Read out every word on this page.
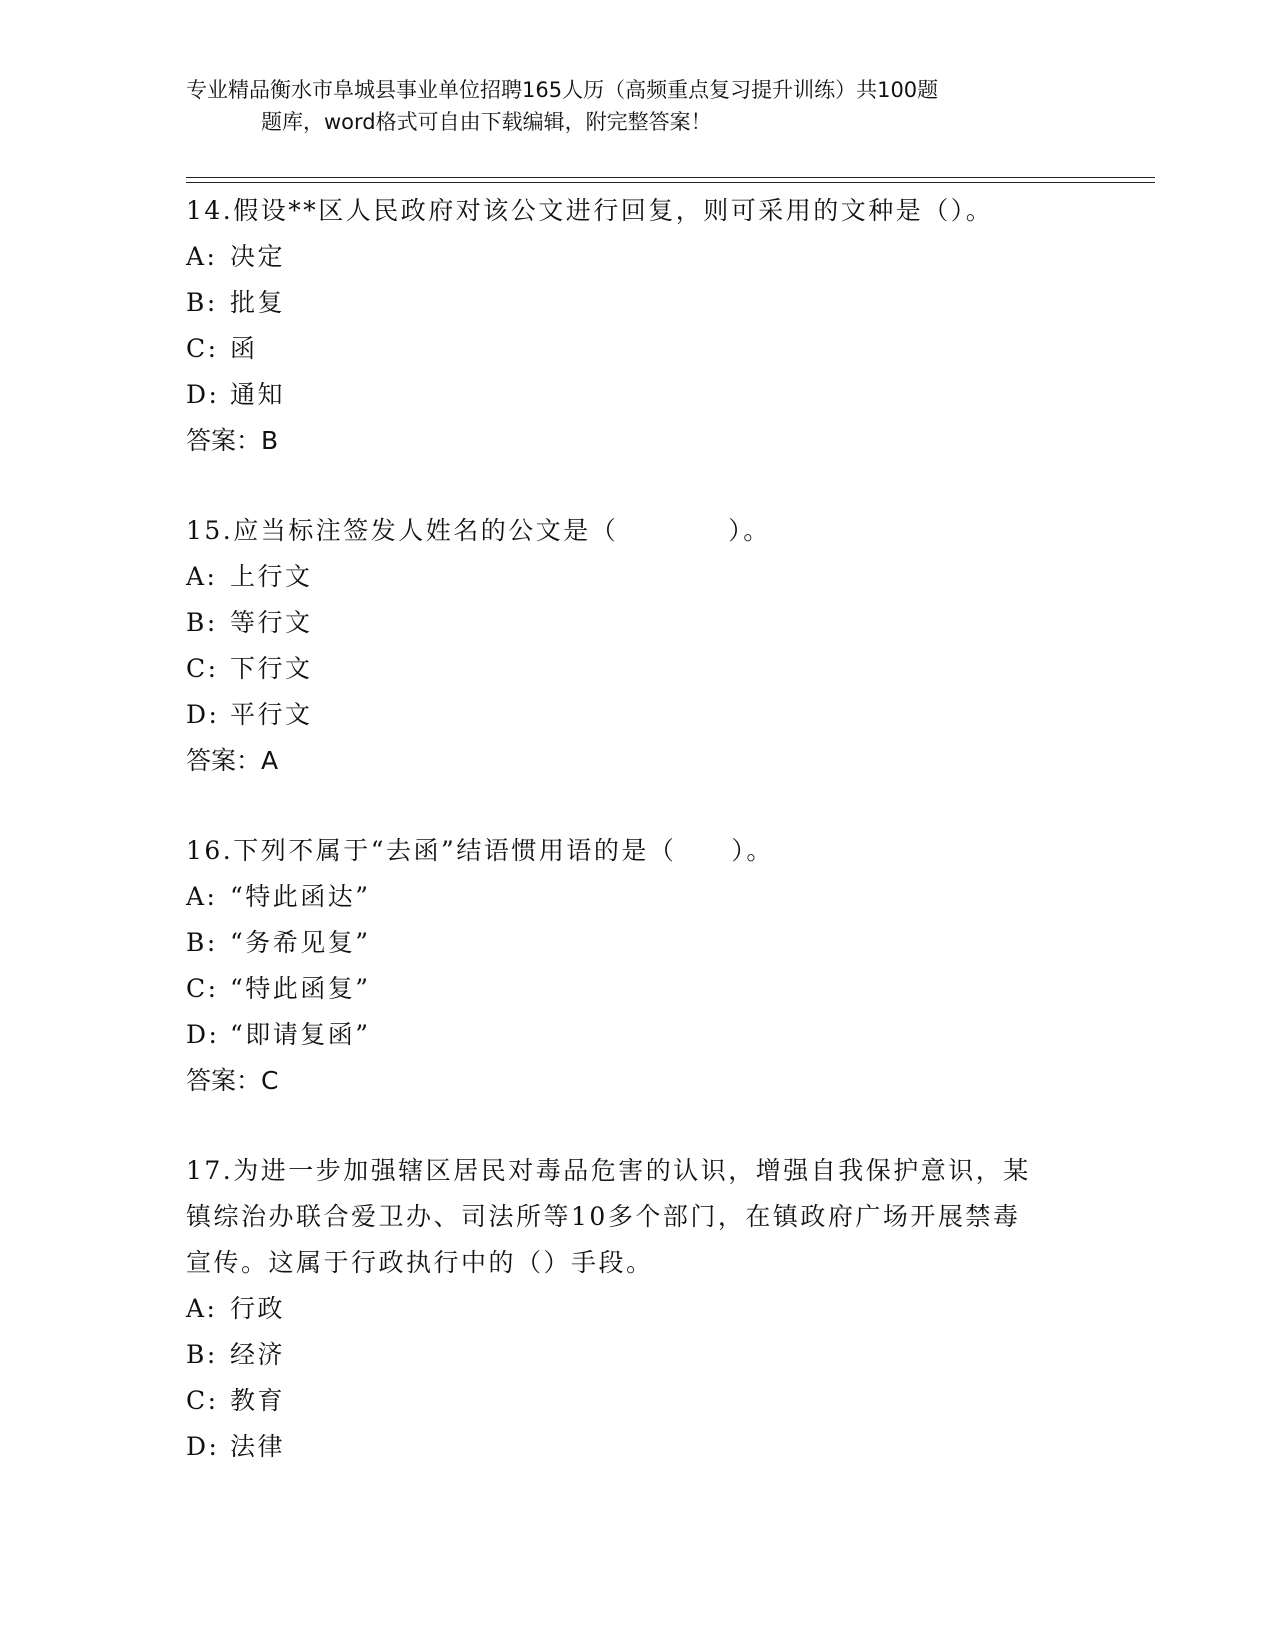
专业精品衡水市阜城县事业单位招聘165人历（高频重点复习提升训练）共100题
题库，word格式可自由下载编辑，附完整答案！

14.假设**区人民政府对该公文进行回复，则可采用的文种是（）。

A: 决定

B: 批复

C: 函

D: 通知

答案：B

15.应当标注签发人姓名的公文是（　　　　）。

A: 上行文

B: 等行文

C: 下行文

D: 平行文

答案：A

16.下列不属于“去函”结语惯用语的是（　　）。

A: “特此函达”

B: “务希见复”

C: “特此函复”

D: “即请复函”

答案：C

17.为进一步加强辖区居民对毒品危害的认识，增强自我保护意识，某

镇综治办联合爱卫办、司法所等10多个部门，在镇政府广场开展禁毒

宣传。这属于行政执行中的（）手段。

A: 行政

B: 经济

C: 教育

D: 法律
